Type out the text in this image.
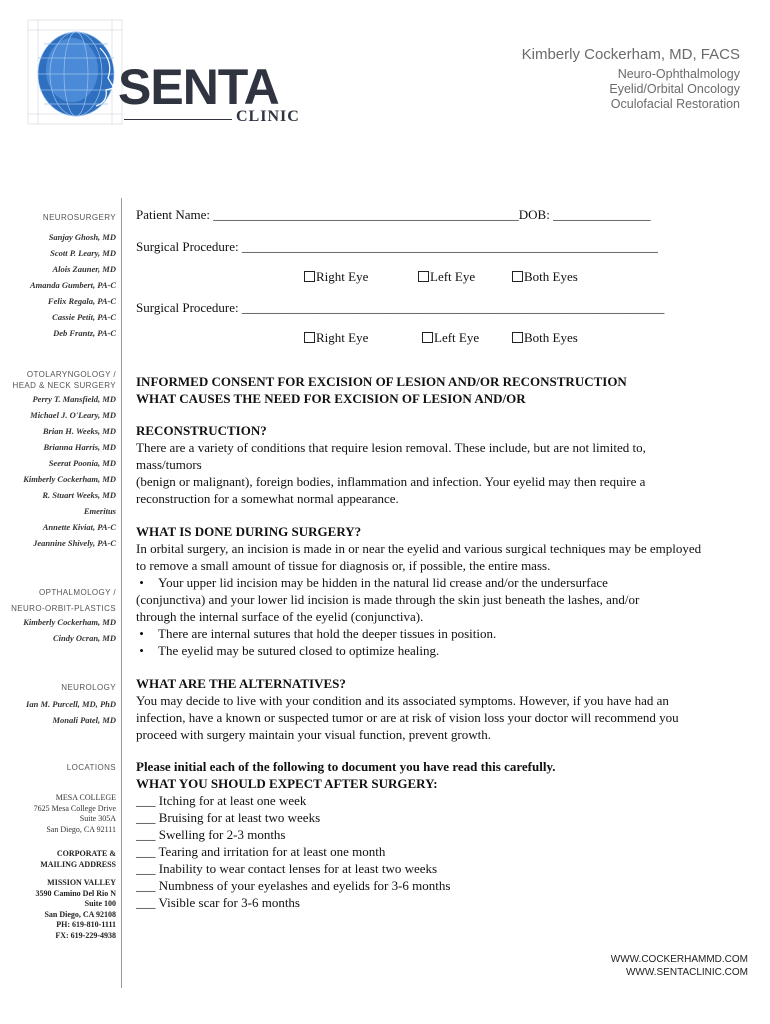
SENTA
CLINIC
Kimberly Cockerham, MD, FACS
Neuro-Ophthalmology
Eyelid/Orbital Oncology
Oculofacial Restoration
NEUROSURGERY
Sanjay Ghosh, MD
Scott P. Leary, MD
Alois Zauner, MD
Amanda Gumbert, PA-C
Felix Regala, PA-C
Cassie Petit, PA-C
Deb Frantz, PA-C
OTOLARYNGOLOGY /
HEAD & NECK SURGERY
Perry T. Mansfield, MD
Michael J. O'Leary, MD
Brian H. Weeks, MD
Brianna Harris, MD
Seerat Poonia, MD
Kimberly Cockerham, MD
R. Stuart Weeks, MD
Emeritus
Annette Kiviat, PA-C
Jeannine Shively, PA-C
OPTHALMOLOGY /
NEURO-ORBIT-PLASTICS
Kimberly Cockerham, MD
Cindy Ocran, MD
NEUROLOGY
Ian M. Purcell, MD, PhD
Monali Patel, MD
LOCATIONS
MESA COLLEGE
7625 Mesa College Drive
Suite 305A
San Diego, CA 92111
CORPORATE &
MAILING ADDRESS
MISSION VALLEY
3590 Camino Del Rio N
Suite 100
San Diego, CA 92108
PH: 619-810-1111
FX: 619-229-4938
Patient Name: _______________________________________________DOB: _______________
Surgical Procedure: ________________________________________________________________
Right Eye	Left Eye	Both Eyes
Surgical Procedure: _________________________________________________________________
Right Eye	Left Eye	Both Eyes
INFORMED CONSENT FOR EXCISION OF LESION AND/OR RECONSTRUCTION
WHAT CAUSES THE NEED FOR EXCISION OF LESION AND/OR
RECONSTRUCTION?

There are a variety of conditions that require lesion removal. These include, but are not limited to,

mass/tumors

(benign or malignant), foreign bodies, inflammation and infection. Your eyelid may then require a

reconstruction for a somewhat normal appearance.

WHAT IS DONE DURING SURGERY?

In orbital surgery, an incision is made in or near the eyelid and various surgical techniques may be employed

to remove a small amount of tissue for diagnosis or, if possible, the entire mass.

• Your upper lid incision may be hidden in the natural lid crease and/or the undersurface

(conjunctiva) and your lower lid incision is made through the skin just beneath the lashes, and/or

through the internal surface of the eyelid (conjunctiva).

• There are internal sutures that hold the deeper tissues in position.

• The eyelid may be sutured closed to optimize healing.

WHAT ARE THE ALTERNATIVES?

You may decide to live with your condition and its associated symptoms. However, if you have had an

infection, have a known or suspected tumor or are at risk of vision loss your doctor will recommend you

proceed with surgery maintain your visual function, prevent growth.

Please initial each of the following to document you have read this carefully.
WHAT YOU SHOULD EXPECT AFTER SURGERY:

___ Itching for at least one week

___ Bruising for at least two weeks

___ Swelling for 2-3 months

___ Tearing and irritation for at least one month

___ Inability to wear contact lenses for at least two weeks

___ Numbness of your eyelashes and eyelids for 3-6 months

___ Visible scar for 3-6 months

WWW.COCKERHAMMD.COM
WWW.SENTACLINIC.COM
